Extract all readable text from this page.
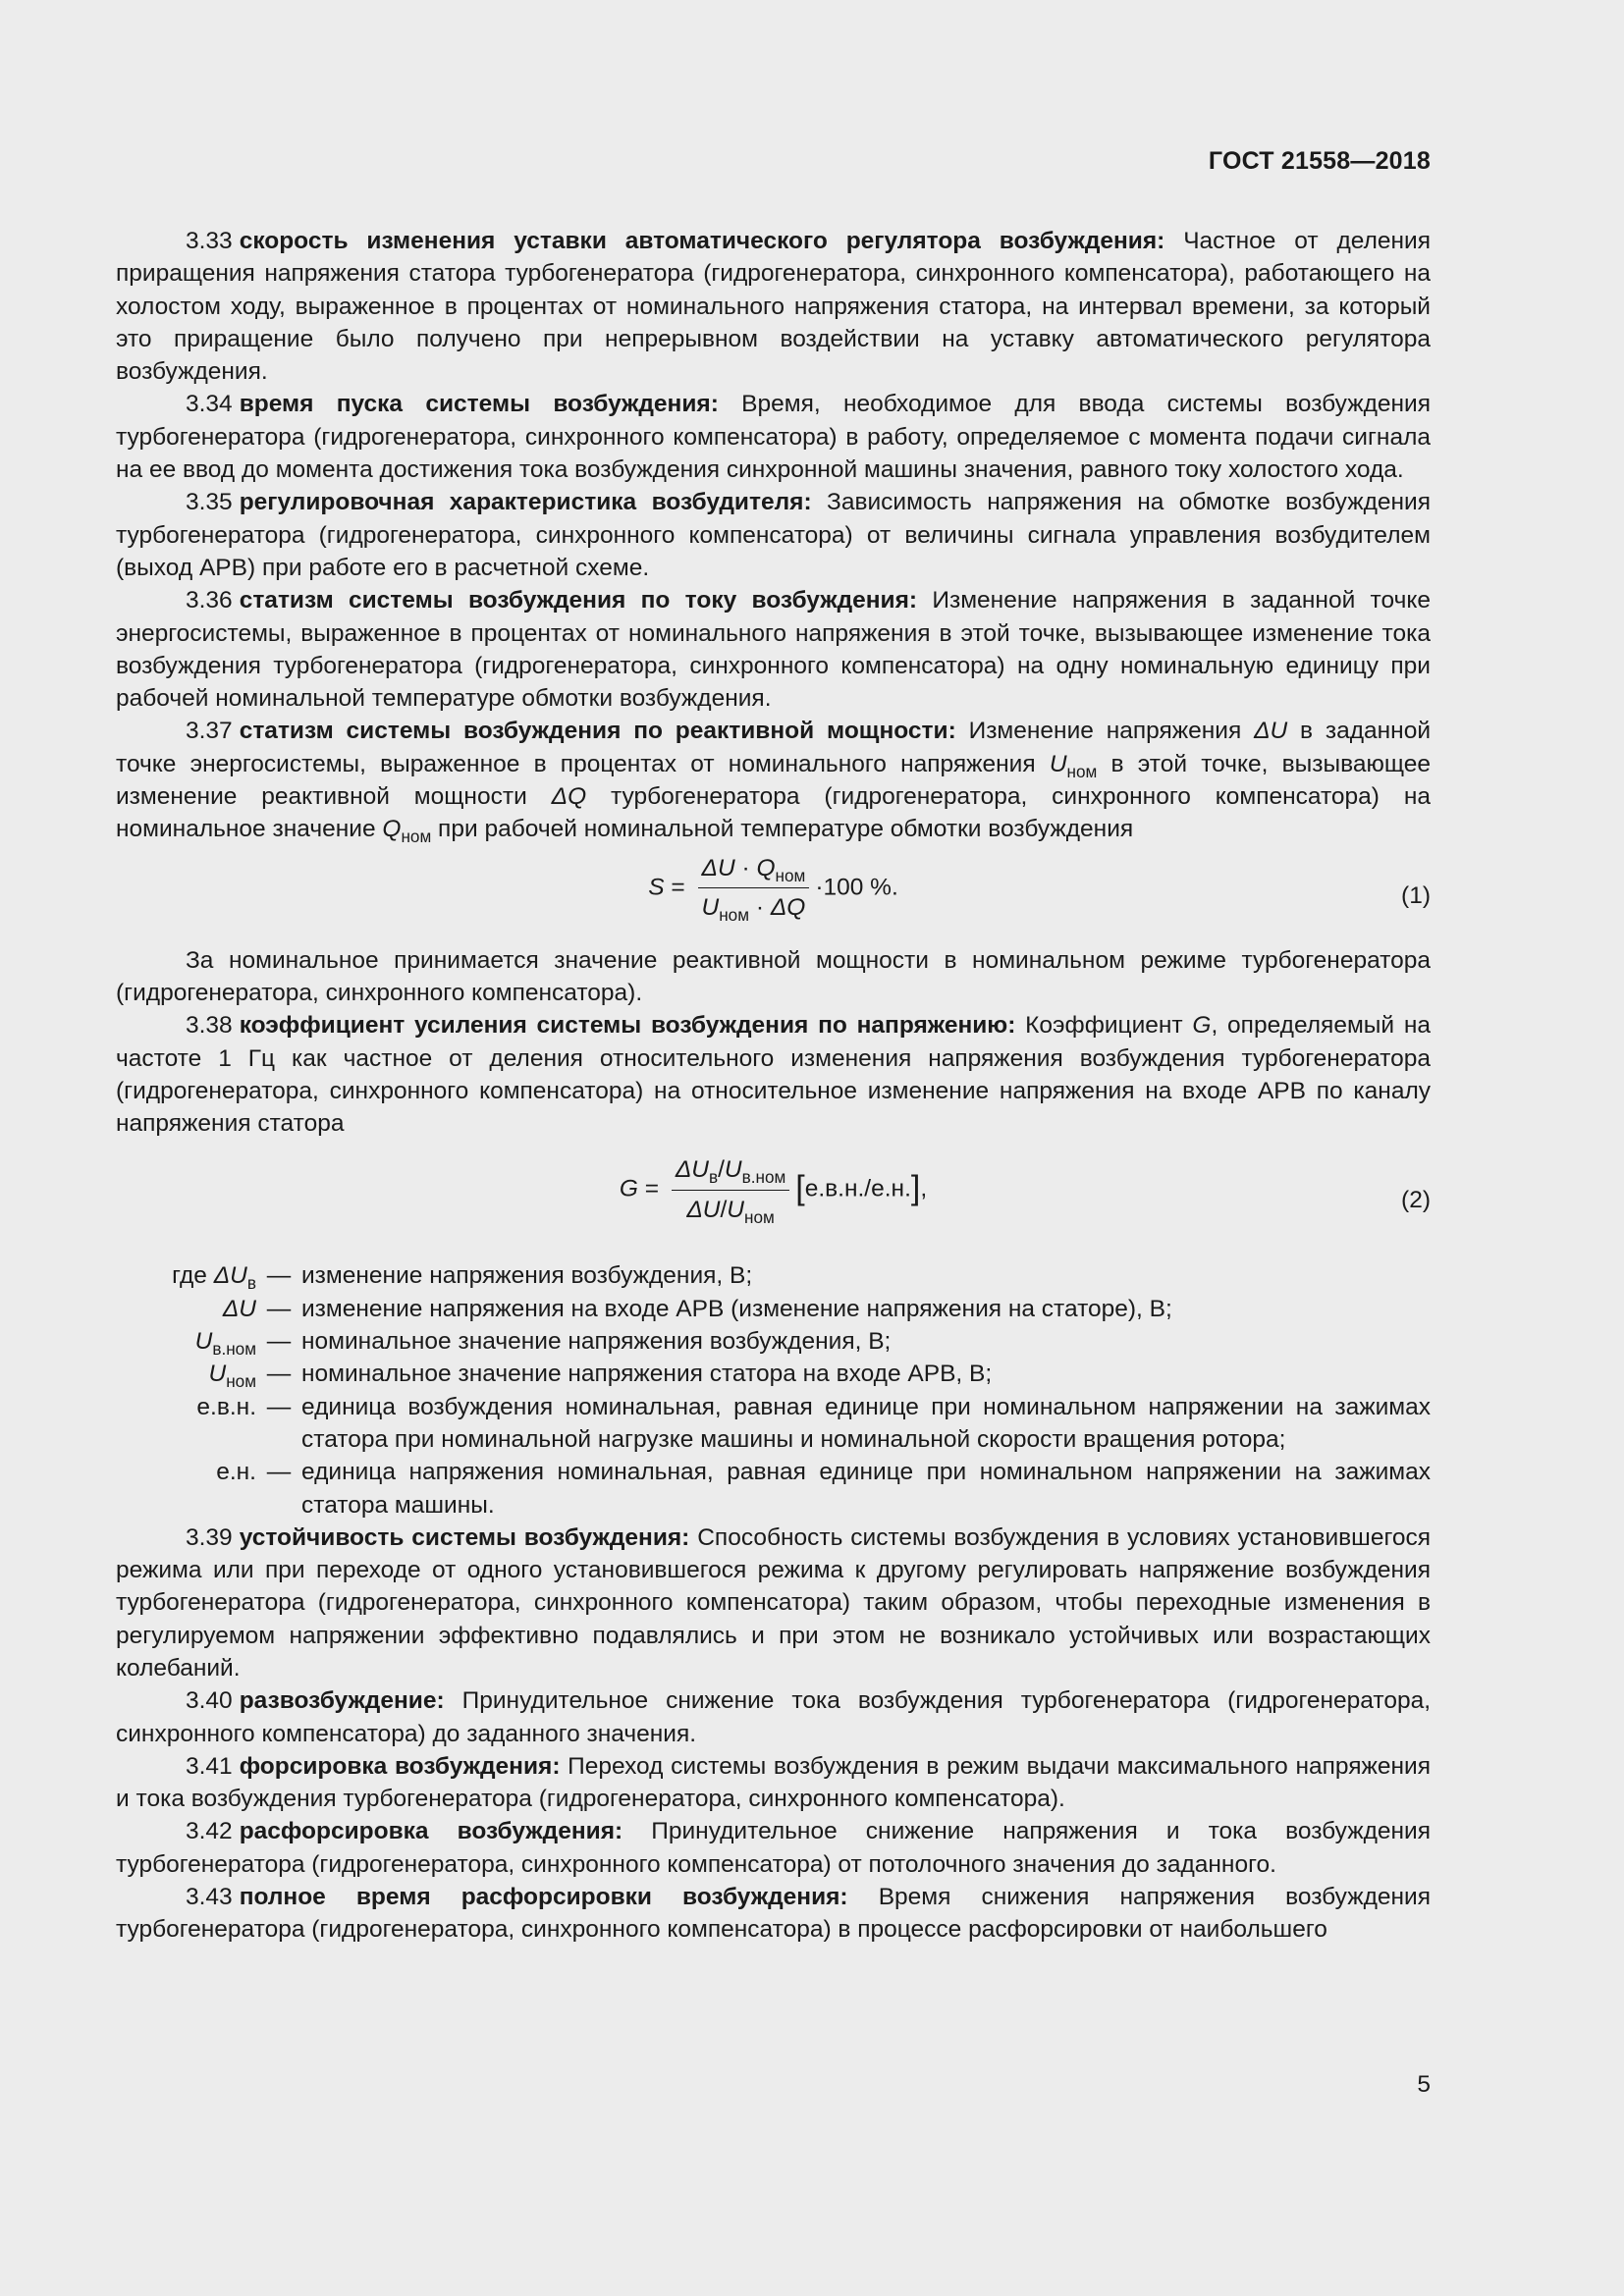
ГОСТ 21558—2018

3.33 скорость изменения уставки автоматического регулятора возбуждения: Частное от деления приращения напряжения статора турбогенератора (гидрогенератора, синхронного компенсатора), работающего на холостом ходу, выраженное в процентах от номинального напряжения статора, на интервал времени, за который это приращение было получено при непрерывном воздействии на уставку автоматического регулятора возбуждения.

3.34 время пуска системы возбуждения: Время, необходимое для ввода системы возбуждения турбогенератора (гидрогенератора, синхронного компенсатора) в работу, определяемое с момента подачи сигнала на ее ввод до момента достижения тока возбуждения синхронной машины значения, равного току холостого хода.

3.35 регулировочная характеристика возбудителя: Зависимость напряжения на обмотке возбуждения турбогенератора (гидрогенератора, синхронного компенсатора) от величины сигнала управления возбудителем (выход АРВ) при работе его в расчетной схеме.

3.36 статизм системы возбуждения по току возбуждения: Изменение напряжения в заданной точке энергосистемы, выраженное в процентах от номинального напряжения в этой точке, вызывающее изменение тока возбуждения турбогенератора (гидрогенератора, синхронного компенсатора) на одну номинальную единицу при рабочей номинальной температуре обмотки возбуждения.

3.37 статизм системы возбуждения по реактивной мощности: Изменение напряжения ΔU в заданной точке энергосистемы, выраженное в процентах от номинального напряжения $U_{ном}$ в этой точке, вызывающее изменение реактивной мощности ΔQ турбогенератора (гидрогенератора, синхронного компенсатора) на номинальное значение $Q_{ном}$ при рабочей номинальной температуре обмотки возбуждения

$S = \frac{\Delta U \cdot Q_{ном}}{U_{ном} \cdot \Delta Q} \cdot 100$ %.	(1)

За номинальное принимается значение реактивной мощности в номинальном режиме турбогенератора (гидрогенератора, синхронного компенсатора).

3.38 коэффициент усиления системы возбуждения по напряжению: Коэффициент G, определяемый на частоте 1 Гц как частное от деления относительного изменения напряжения возбуждения турбогенератора (гидрогенератора, синхронного компенсатора) на относительное изменение напряжения на входе АРВ по каналу напряжения статора

$G = \frac{\Delta U_в/U_{в.ном}}{\Delta U/U_{ном}} [е.в.н./е.н.]$,	(2)
где $\Delta U_в$ — изменение напряжения возбуждения, В;
ΔU — изменение напряжения на входе АРВ (изменение напряжения на статоре), В;
$U_{в.ном}$ — номинальное значение напряжения возбуждения, В;
$U_{ном}$ — номинальное значение напряжения статора на входе АРВ, В;
е.в.н. — единица возбуждения номинальная, равная единице при номинальном напряжении на зажимах статора при номинальной нагрузке машины и номинальной скорости вращения ротора;
е.н. — единица напряжения номинальная, равная единице при номинальном напряжении на зажимах статора машины.

3.39 устойчивость системы возбуждения: Способность системы возбуждения в условиях установившегося режима или при переходе от одного установившегося режима к другому регулировать напряжение возбуждения турбогенератора (гидрогенератора, синхронного компенсатора) таким образом, чтобы переходные изменения в регулируемом напряжении эффективно подавлялись и при этом не возникало устойчивых или возрастающих колебаний.

3.40 развозбуждение: Принудительное снижение тока возбуждения турбогенератора (гидрогенератора, синхронного компенсатора) до заданного значения.

3.41 форсировка возбуждения: Переход системы возбуждения в режим выдачи максимального напряжения и тока возбуждения турбогенератора (гидрогенератора, синхронного компенсатора).

3.42 расфорсировка возбуждения: Принудительное снижение напряжения и тока возбуждения турбогенератора (гидрогенератора, синхронного компенсатора) от потолочного значения до заданного.

3.43 полное время расфорсировки возбуждения: Время снижения напряжения возбуждения турбогенератора (гидрогенератора, синхронного компенсатора) в процессе расфорсировки от наибольшего

5
